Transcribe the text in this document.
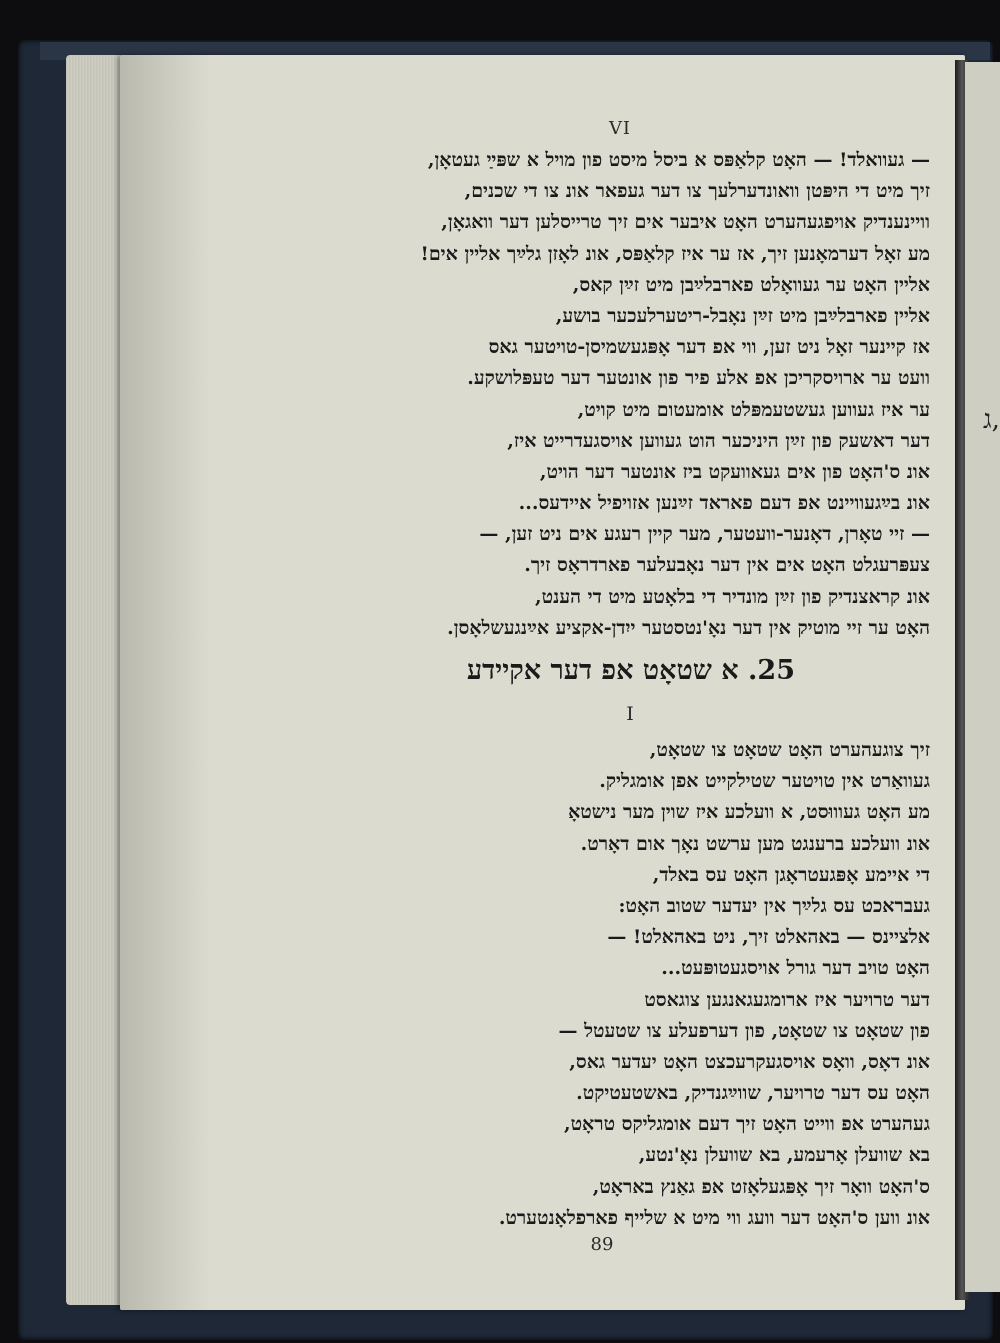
ג,
VI
— געוואלד! — האָט קלאַפּס א ביסל מיסט פון מויל א שפּײַ געטאָן,
זיך מיט די היפּטן וואונדערלעך צו דער געפאר אונ צו די שכנים,
וויינענדיק אויפגעהערט האָט איבער אים זיך טרייסלען דער וואגאָן,
מע זאָל דערמאָנען זיך, אז ער איז קלאַפּס, אונ לאָזן גלײַך אליין אים!
אליין האָט ער געוואָלט פארבלײַבן מיט זײַן קאס,
אליין פארבלײַבן מיט זײַן נאָבל-ריטערלעכער בושע,
אז קיינער זאָל ניט זען, ווי אפ דער אָפּגעשמיסן-טויטער גאס
וועט ער ארויסקריכן אפ אלע פיר פון אונטער דער טעפּלושקע.
ער איז געווען געשטעמפּלט אומעטום מיט קויט,
דער דאשעק פון זײַן היניכער הוט געווען אויסגעדרייט איז,
אונ ס'האָט פון אים געאוועקט ביז אונטער דער הויט,
אונ בײַגעוויינט אפ דעם פאראד זײַנען אזויפיל איידעס...
— זיי טאָרן, דאָנער-וועטער, מער קיין רעגע אים ניט זען, —
צעפּרעגלט האָט אים אין דער נאָבעלער פארדראָס זיך.
אונ קראצנדיק פון זײַן מונדיר די בלאָטע מיט די הענט,
האָט ער זיי מוטיק אין דער נאָ'נטסטער ייִדן-אקציע אײַנגעשלאָסן.
25. א שטאָט אפ דער אקיידע
I
זיך צוגעהערט האָט שטאָט צו שטאָט,
געוואַרט אין טויטער שטילקייט אפן אומגליק.
מע האָט געוווּסט, א וועלכע איז שוין מער נישטאָ
אונ וועלכע ברענגט מען ערשט נאָך אום דאָרט.
די איימע אָפּגעטראָגן האָט עס באלד,
געבראכט עס גלײַך אין יעדער שטוב האָט:
אלציינס — באהאלט זיך, ניט באהאלט! —
האָט טויב דער גורל אויסגעטופּעט...
דער טרויער איז ארומגעגאנגען צוגאסט
פון שטאָט צו שטאָט, פון דערפעלע צו שטעטל —
אונ דאָס, וואָס אויסגעקרעכצט האָט יעדער גאס,
האָט עס דער טרויער, שווײַגנדיק, באשטעטיקט.
געהערט אפ ווייט האָט זיך דעם אומגליקס טראָט,
בא שוועלן אָרעמע, בא שוועלן נאָ'נטע,
ס'האָט וואָר זיך אָפּגעלאָזט אפ גאַנץ באראָט,
אונ ווען ס'האָט דער וועג ווי מיט א שלייף פארפלאָנטערט.
89
